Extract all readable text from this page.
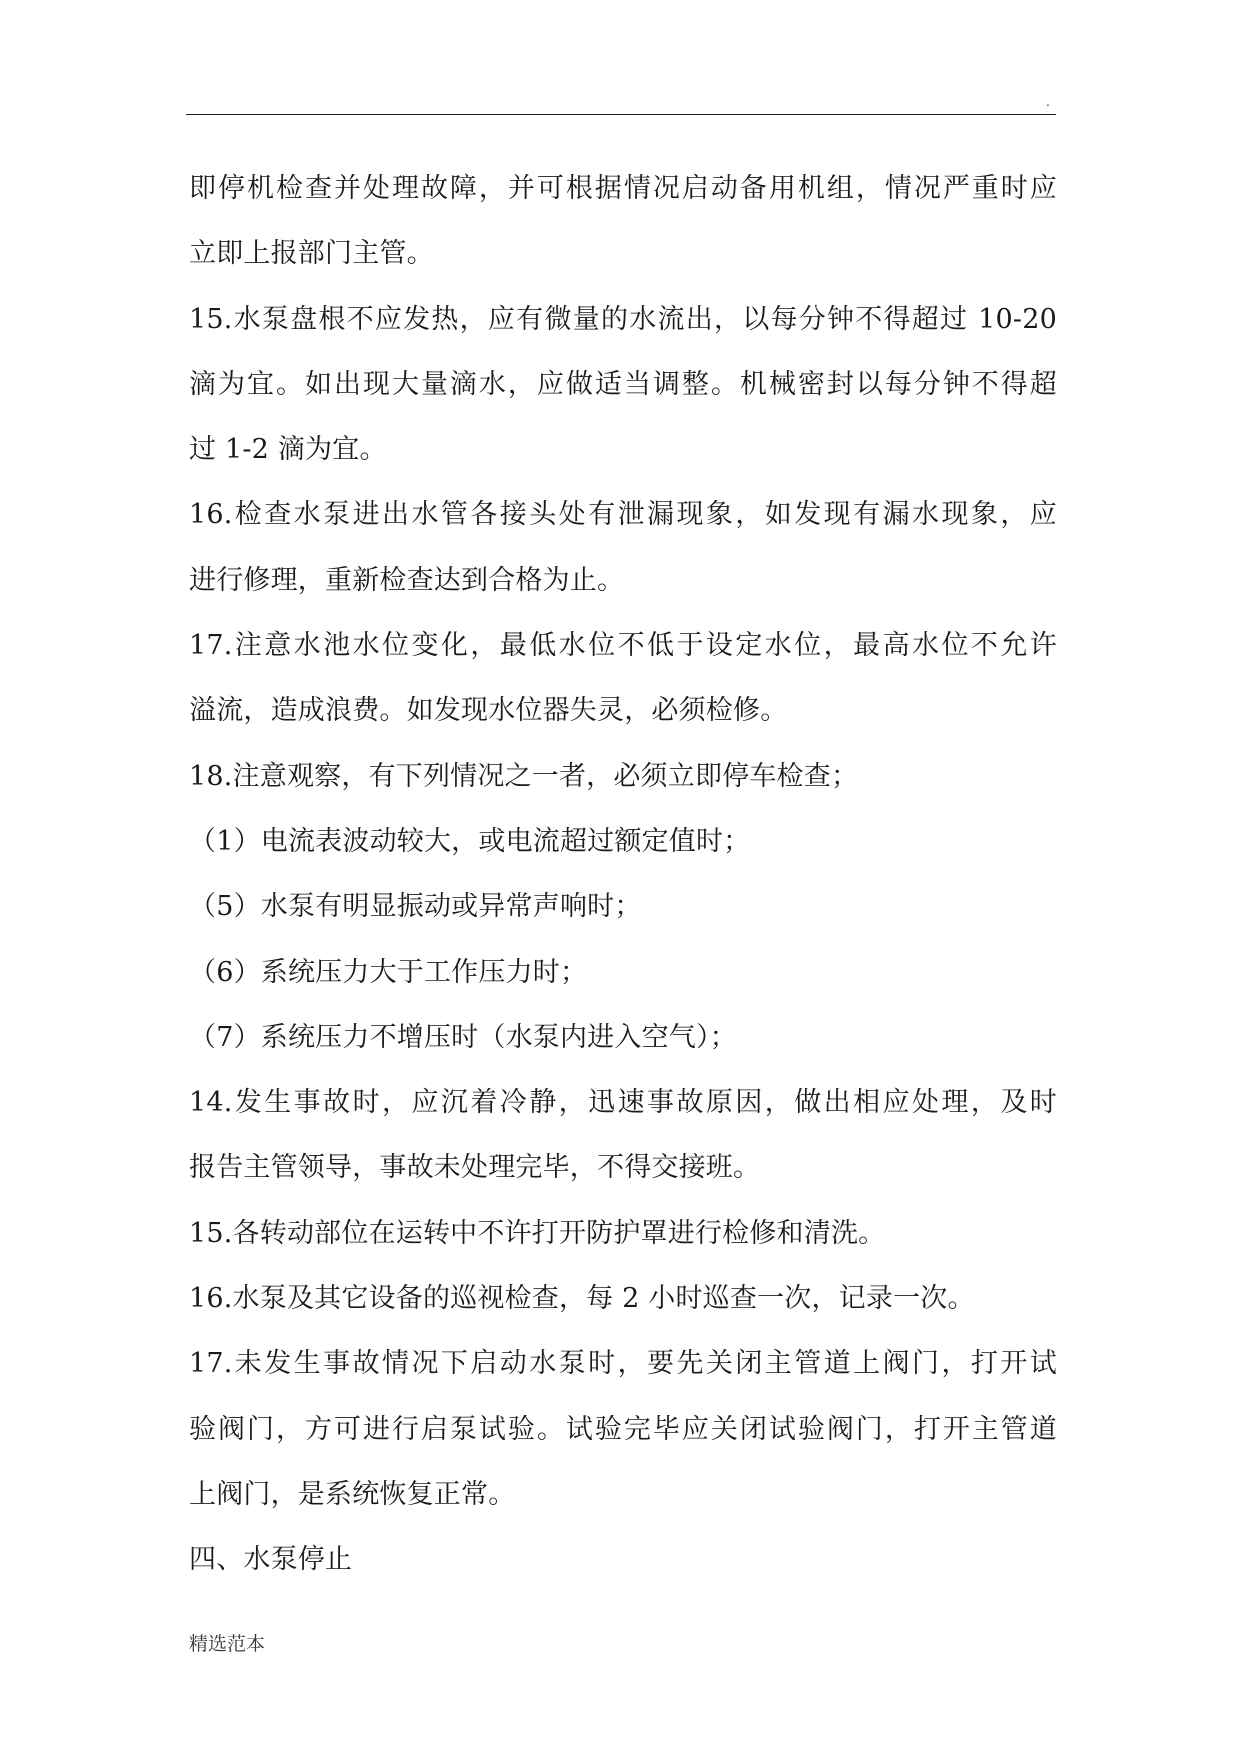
.
即停机检查并处理故障，并可根据情况启动备用机组，情况严重时应
立即上报部门主管。
15.水泵盘根不应发热，应有微量的水流出，以每分钟不得超过 10-20
滴为宜。如出现大量滴水，应做适当调整。机械密封以每分钟不得超
过 1-2 滴为宜。
16.检查水泵进出水管各接头处有泄漏现象，如发现有漏水现象，应
进行修理，重新检查达到合格为止。
17.注意水池水位变化，最低水位不低于设定水位，最高水位不允许
溢流，造成浪费。如发现水位器失灵，必须检修。
18.注意观察，有下列情况之一者，必须立即停车检查；
（1）电流表波动较大，或电流超过额定值时；
（5）水泵有明显振动或异常声响时；
（6）系统压力大于工作压力时；
（7）系统压力不增压时（水泵内进入空气）；
14.发生事故时，应沉着冷静，迅速事故原因，做出相应处理，及时
报告主管领导，事故未处理完毕，不得交接班。
15.各转动部位在运转中不许打开防护罩进行检修和清洗。
16.水泵及其它设备的巡视检查，每 2 小时巡查一次，记录一次。
17.未发生事故情况下启动水泵时，要先关闭主管道上阀门，打开试
验阀门，方可进行启泵试验。试验完毕应关闭试验阀门，打开主管道
上阀门，是系统恢复正常。
四、水泵停止
精选范本
